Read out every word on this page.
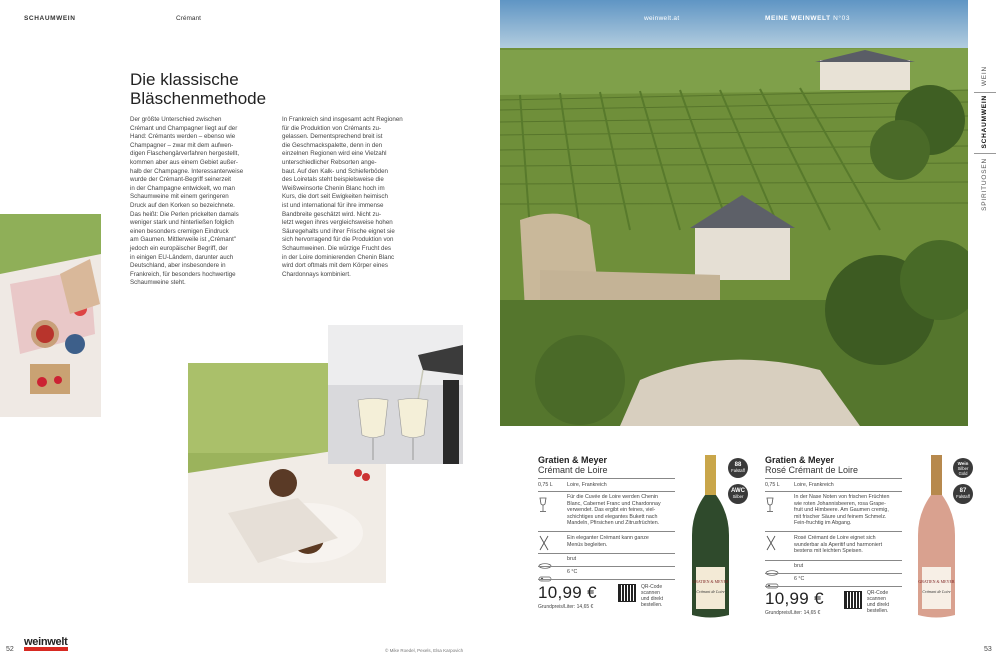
SCHAUMWEIN	Crémant
Die klassische
Bläschenmethode
Der größte Unterschied zwischen
Crémant und Champagner liegt auf der
Hand: Crémants werden – ebenso wie
Champagner – zwar mit dem aufwen-
digen Flaschengärverfahren hergestellt,
kommen aber aus einem Gebiet außer-
halb der Champagne. Interessanterweise
wurde der Crémant-Begriff seinerzeit
in der Champagne entwickelt, wo man
Schaumweine mit einem geringeren
Druck auf den Korken so bezeichnete.
Das heißt: Die Perlen prickelten damals
weniger stark und hinterließen folglich
einen besonders cremigen Eindruck
am Gaumen. Mittlerweile ist „Crémant"
jedoch ein europäischer Begriff, der
in einigen EU-Ländern, darunter auch
Deutschland, aber insbesondere in
Frankreich, für besonders hochwertige
Schaumweine steht.
In Frankreich sind insgesamt acht Regionen
für die Produktion von Crémants zu-
gelassen. Dementsprechend breit ist
die Geschmackspalette, denn in den
einzelnen Regionen wird eine Vielzahl
unterschiedlicher Rebsorten ange-
baut. Auf den Kalk- und Schieferböden
des Loiretals steht beispielsweise die
Weißweinsorte Chenin Blanc hoch im
Kurs, die dort seit Ewigkeiten heimisch
ist und international für ihre immense
Bandbreite geschätzt wird. Nicht zu-
letzt wegen ihres vergleichsweise hohen
Säuregehalts und ihrer Frische eignet sie
sich hervorragend für die Produktion von
Schaumweinen. Die würzige Frucht des
in der Loire dominierenden Chenin Blanc
wird dort oftmals mit dem Körper eines
Chardonnays kombiniert.
weinwelt
52
weinwelt.at	MEINE WEINWELT N°03
WEIN
SCHAUMWEIN
SPIRITUOSEN
Gratien & Meyer
Crémant de Loire
0,75 L	Loire, Frankreich
Für die Cuvée de Loire werden Chenin
Blanc, Cabernet Franc und Chardonnay
verwendet. Das ergibt ein feines, viel-
schichtiges und elegantes Bukett nach
Mandeln, Pfirsichen und Zitrusfrüchten.
Ein eleganter Crémant kann ganze
Menüs begleiten.
brut
6 °C
10,99 €
Grundpreis/Liter: 14,65 €
QR-Code
scannen
und direkt
bestellen.
GRATIEN & MEYER
Crémant de Loire
88
Falstaff
AWC
Silber
Gratien & Meyer
Rosé Crémant de Loire
0,75 L	Loire, Frankreich
In der Nase Noten von frischen Früchten
wie roten Johannisbeeren, rosa Grape-
fruit und Himbeere. Am Gaumen cremig,
mit frischer Säure und feinem Schmelz.
Fein-fruchtig im Abgang.
Rosé Crémant de Loire eignet sich
wunderbar als Aperitif und harmoniert
bestens mit leichten Speisen.
brut
6 °C
10,99 €
Grundpreis/Liter: 14,65 €
QR-Code
scannen
und direkt
bestellen.
GRATIEN & MEYER
Crémant de Loire
Wein
Silber
Gold
87
Falstaff
© Mike Roedel, Pexels, Elsa Karpovich	53
